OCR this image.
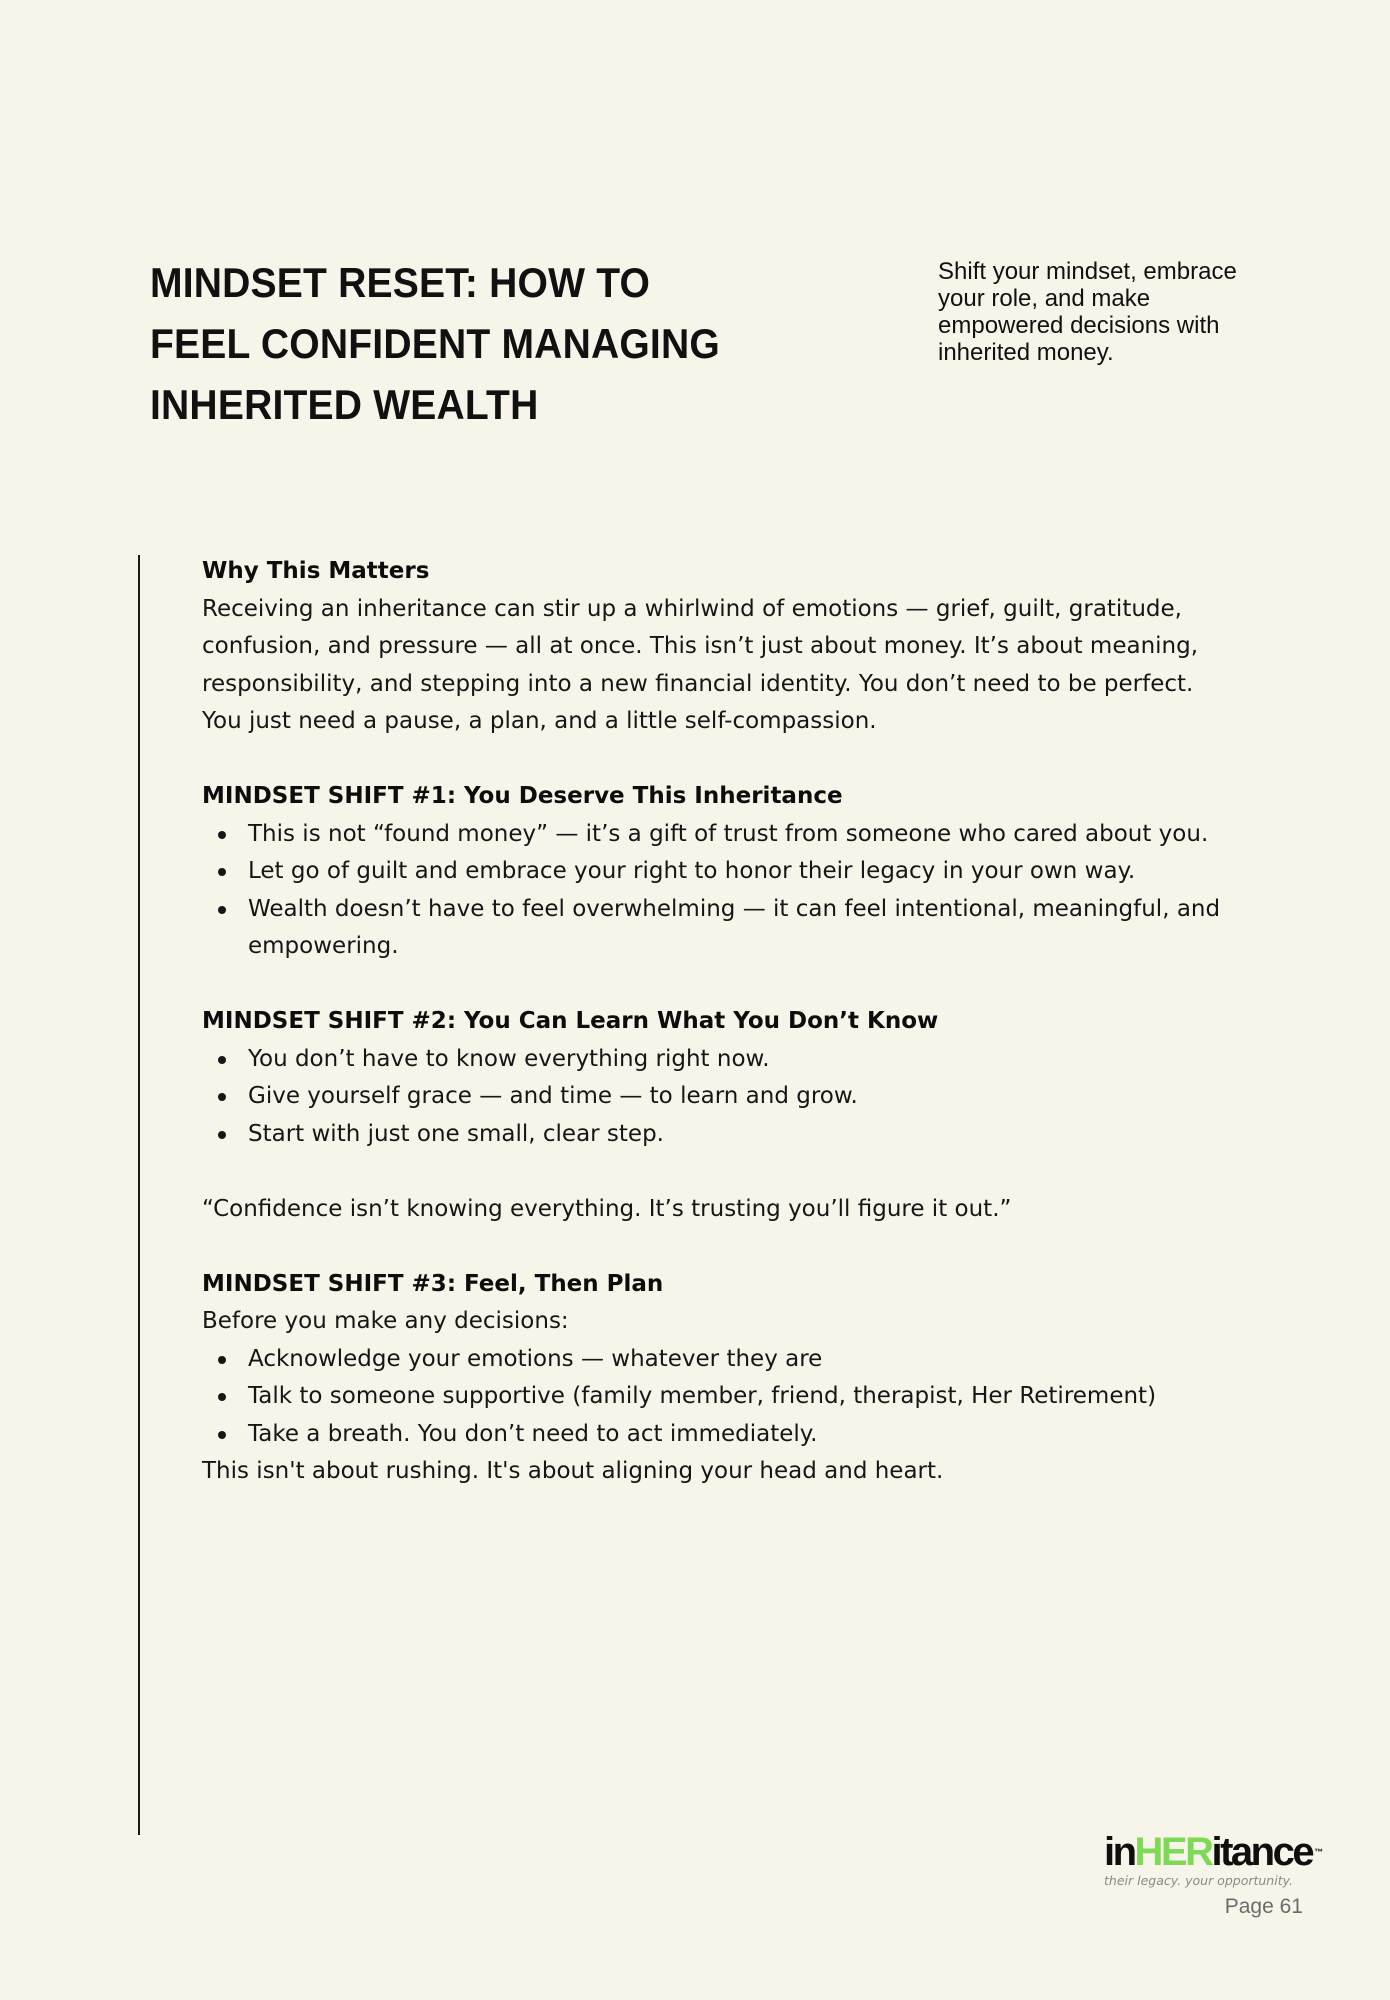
MINDSET RESET: HOW TO FEEL CONFIDENT MANAGING INHERITED WEALTH
Shift your mindset, embrace your role, and make empowered decisions with inherited money.

Why This Matters

Receiving an inheritance can stir up a whirlwind of emotions — grief, guilt, gratitude, confusion, and pressure — all at once. This isn’t just about money. It’s about meaning, responsibility, and stepping into a new financial identity. You don’t need to be perfect. You just need a pause, a plan, and a little self-compassion.

MINDSET SHIFT #1: You Deserve This Inheritance

This is not “found money” — it’s a gift of trust from someone who cared about you.
Let go of guilt and embrace your right to honor their legacy in your own way.
Wealth doesn’t have to feel overwhelming — it can feel intentional, meaningful, and empowering.

MINDSET SHIFT #2: You Can Learn What You Don’t Know

You don’t have to know everything right now.
Give yourself grace — and time — to learn and grow.
Start with just one small, clear step.

“Confidence isn’t knowing everything. It’s trusting you’ll figure it out.”

MINDSET SHIFT #3: Feel, Then Plan

Before you make any decisions:

Acknowledge your emotions — whatever they are
Talk to someone supportive (family member, friend, therapist, Her Retirement)
Take a breath. You don’t need to act immediately.

This isn't about rushing. It's about aligning your head and heart.

inHERitance ™
their legacy. your opportunity.
Page 61
